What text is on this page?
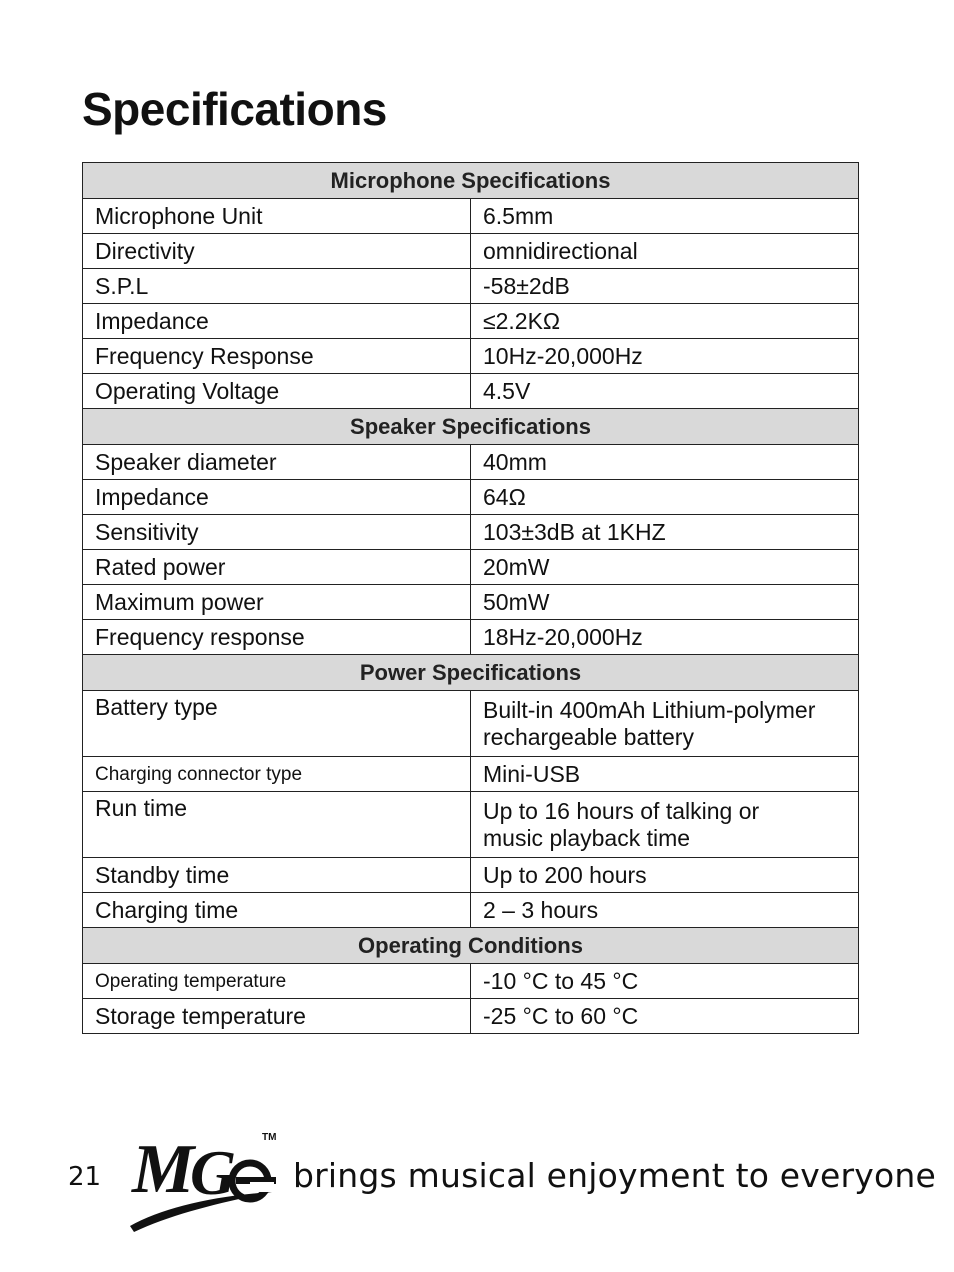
Specifications
Microphone Specifications	
Microphone Unit	6.5mm
Directivity	omnidirectional
S.P.L	-58±2dB
Impedance	≤2.2KΩ
Frequency Response	10Hz-20,000Hz
Operating Voltage	4.5V
Speaker Specifications	
Speaker diameter	40mm
Impedance	64Ω
Sensitivity	103±3dB at 1KHZ
Rated power	20mW
Maximum power	50mW
Frequency response	18Hz-20,000Hz
Power Specifications	
Battery type	Built-in 400mAh Lithium-polymer
rechargeable battery

Charging connector type	Mini-USB
Run time	Up to 16 hours of talking or
music playback time

Standby time	Up to 200 hours
Charging time	2 – 3 hours
Operating Conditions	
Operating temperature	-10 °C to 45 °C
Storage temperature	-25 °C to 60 °C
21 M
G	TM
brings musical enjoyment to everyone
